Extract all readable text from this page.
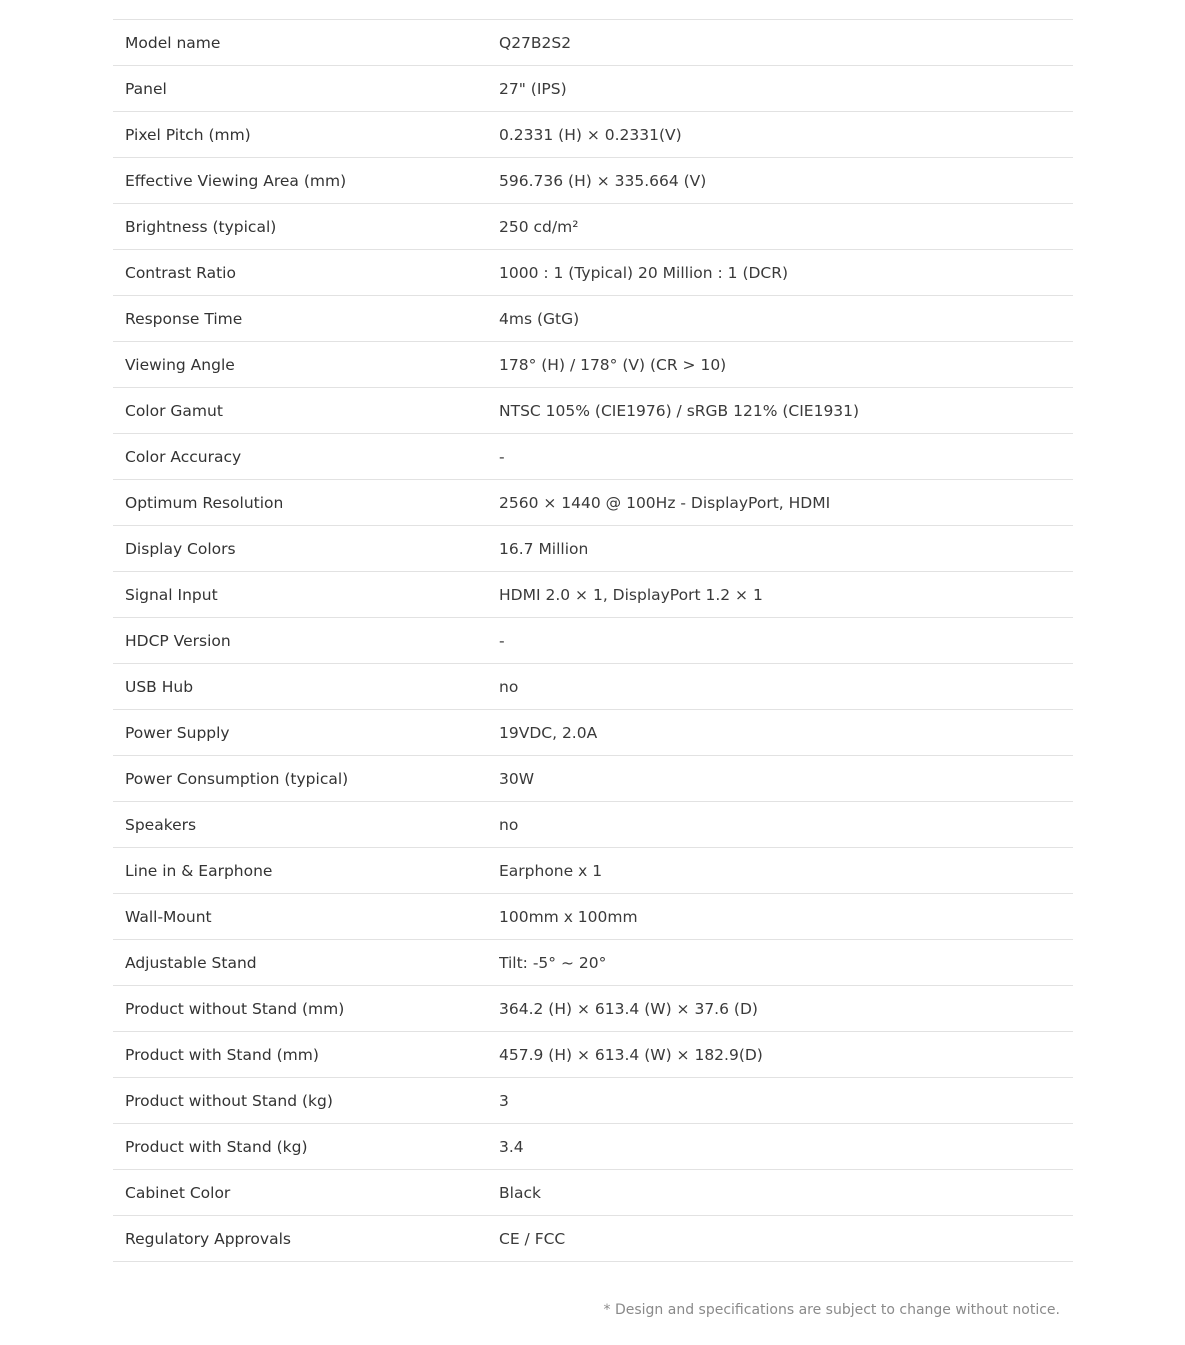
Model name	Q27B2S2
Panel	27" (IPS)
Pixel Pitch (mm)	0.2331 (H) × 0.2331(V)
Effective Viewing Area (mm)	596.736 (H) × 335.664 (V)
Brightness (typical)	250 cd/m²
Contrast Ratio	1000 : 1 (Typical) 20 Million : 1 (DCR)
Response Time	4ms (GtG)
Viewing Angle	178° (H) / 178° (V) (CR > 10)
Color Gamut	NTSC 105% (CIE1976) / sRGB 121% (CIE1931)
Color Accuracy	-
Optimum Resolution	2560 × 1440 @ 100Hz - DisplayPort, HDMI
Display Colors	16.7 Million
Signal Input	HDMI 2.0 × 1, DisplayPort 1.2 × 1
HDCP Version	-
USB Hub	no
Power Supply	19VDC, 2.0A
Power Consumption (typical)	30W
Speakers	no
Line in & Earphone	Earphone x 1
Wall-Mount	100mm x 100mm
Adjustable Stand	Tilt: -5° ~ 20°
Product without Stand (mm)	364.2 (H) × 613.4 (W) × 37.6 (D)
Product with Stand (mm)	457.9 (H) × 613.4 (W) × 182.9(D)
Product without Stand (kg)	3
Product with Stand (kg)	3.4
Cabinet Color	Black
Regulatory Approvals	CE / FCC
* Design and specifications are subject to change without notice.
